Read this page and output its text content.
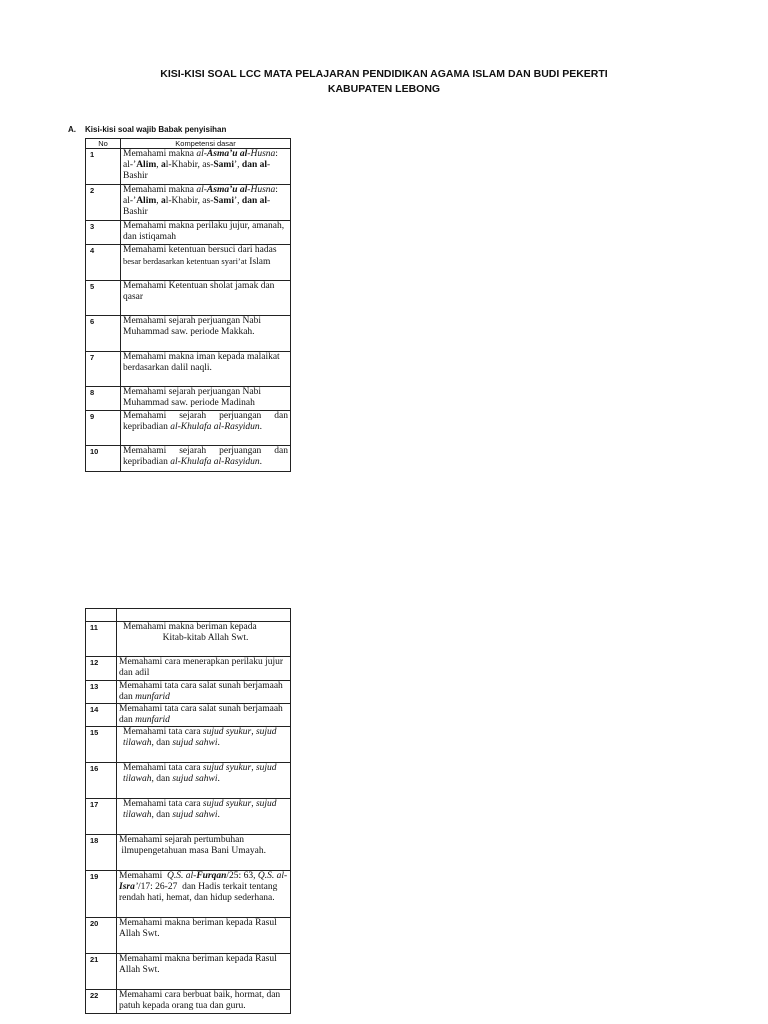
KISI-KISI SOAL LCC MATA PELAJARAN PENDIDIKAN AGAMA ISLAM DAN BUDI PEKERTI
KABUPATEN LEBONG
A. Kisi-kisi soal wajib Babak penyisihan
No	Kompetensi dasar
1	Memahami makna al-Asma’u al-Husna: al-’Alim, al-Khabir, as-Sami’, dan al-Bashir
2	Memahami makna al-Asma’u al-Husna: al-’Alim, al-Khabir, as-Sami’, dan al-Bashir
3	Memahami makna perilaku jujur, amanah, dan istiqamah
4	Memahami ketentuan bersuci dari hadas besar berdasarkan ketentuan syari’at Islam
5	Memahami Ketentuan sholat jamak dan qasar
6	Memahami sejarah perjuangan Nabi Muhammad saw. periode Makkah.
7	Memahami makna iman kepada malaikat berdasarkan dalil naqli.
8	Memahami sejarah perjuangan Nabi Muhammad saw. periode Madinah
9	Memahami sejarah perjuangan dan kepribadian al-Khulafa al-Rasyidun.
10	Memahami sejarah perjuangan dan kepribadian al-Khulafa al-Rasyidun.

11	Memahami makna beriman kepada
Kitab-kitab Allah Swt.

12	Memahami cara menerapkan perilaku jujur dan adil
13	Memahami tata cara salat sunah berjamaah dan munfarid
14	Memahami tata cara salat sunah berjamaah dan munfarid
15	Memahami tata cara sujud syukur, sujud tilawah, dan sujud sahwi.
16	Memahami tata cara sujud syukur, sujud tilawah, dan sujud sahwi.
17	Memahami tata cara sujud syukur, sujud tilawah, dan sujud sahwi.
18	Memahami sejarah pertumbuhan
ilmupengetahuan masa Bani Umayah.
19	Memahami  Q.S. al-Furqan/25: 63, Q.S. al-Isra’/17: 26-27  dan Hadis terkait tentang rendah hati, hemat, dan hidup sederhana.
20	Memahami makna beriman kepada Rasul Allah Swt.
21	Memahami makna beriman kepada Rasul Allah Swt.
22	Memahami cara berbuat baik, hormat, dan patuh kepada orang tua dan guru.
